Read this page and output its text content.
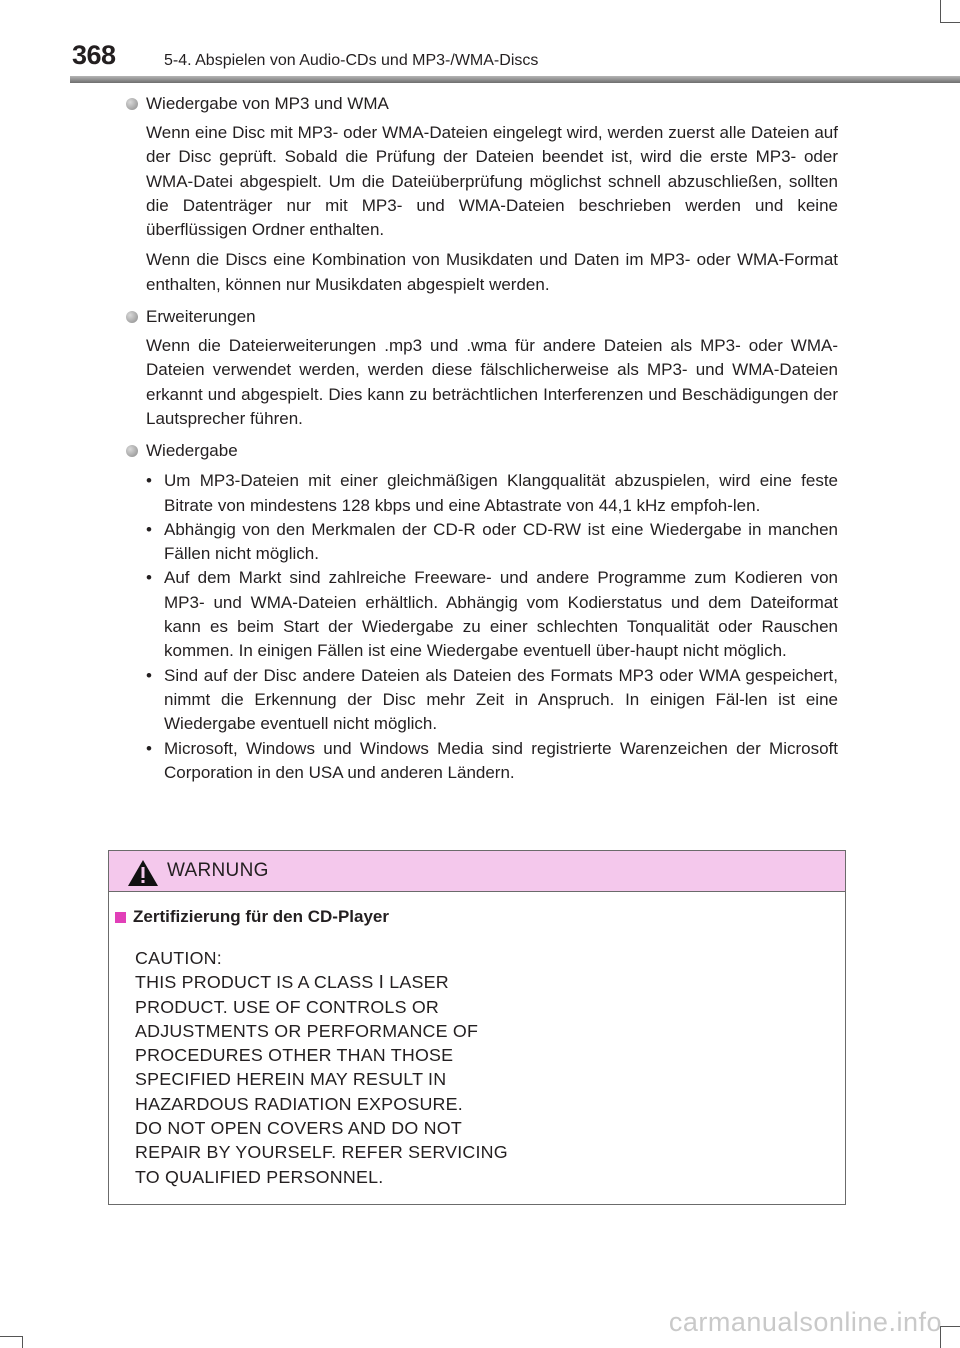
368	5-4. Abspielen von Audio-CDs und MP3-/WMA-Discs
Wiedergabe von MP3 und WMA

Wenn eine Disc mit MP3- oder WMA-Dateien eingelegt wird, werden zuerst alle Dateien auf der Disc geprüft. Sobald die Prüfung der Dateien beendet ist, wird die erste MP3- oder WMA-Datei abgespielt. Um die Dateiüberprüfung möglichst schnell abzuschließen, sollten die Datenträger nur mit MP3- und WMA-Dateien beschrieben werden und keine überflüssigen Ordner enthalten.

Wenn die Discs eine Kombination von Musikdaten und Daten im MP3- oder WMA-Format enthalten, können nur Musikdaten abgespielt werden.

Erweiterungen

Wenn die Dateierweiterungen .mp3 und .wma für andere Dateien als MP3- oder WMA-Dateien verwendet werden, werden diese fälschlicherweise als MP3- und WMA-Dateien erkannt und abgespielt. Dies kann zu beträchtlichen Interferenzen und Beschädigungen der Lautsprecher führen.

Wiedergabe
• Um MP3-Dateien mit einer gleichmäßigen Klangqualität abzuspielen, wird eine feste Bitrate von mindestens 128 kbps und eine Abtastrate von 44,1 kHz empfoh-len.
• Abhängig von den Merkmalen der CD-R oder CD-RW ist eine Wiedergabe in manchen Fällen nicht möglich.
• Auf dem Markt sind zahlreiche Freeware- und andere Programme zum Kodieren von MP3- und WMA-Dateien erhältlich. Abhängig vom Kodierstatus und dem Dateiformat kann es beim Start der Wiedergabe zu einer schlechten Tonqualität oder Rauschen kommen. In einigen Fällen ist eine Wiedergabe eventuell über-haupt nicht möglich.
• Sind auf der Disc andere Dateien als Dateien des Formats MP3 oder WMA gespeichert, nimmt die Erkennung der Disc mehr Zeit in Anspruch. In einigen Fäl-len ist eine Wiedergabe eventuell nicht möglich.
• Microsoft, Windows und Windows Media sind registrierte Warenzeichen der Microsoft Corporation in den USA und anderen Ländern.
WARNUNG
Zertifizierung für den CD-Player
CAUTION:
THIS PRODUCT IS A CLASS Ⅰ LASER
PRODUCT. USE OF CONTROLS OR
ADJUSTMENTS OR PERFORMANCE OF
PROCEDURES OTHER THAN THOSE
SPECIFIED HEREIN MAY RESULT IN
HAZARDOUS RADIATION EXPOSURE.
DO NOT OPEN COVERS AND DO NOT
REPAIR BY YOURSELF. REFER SERVICING
TO QUALIFIED PERSONNEL.
carmanualsonline.info
